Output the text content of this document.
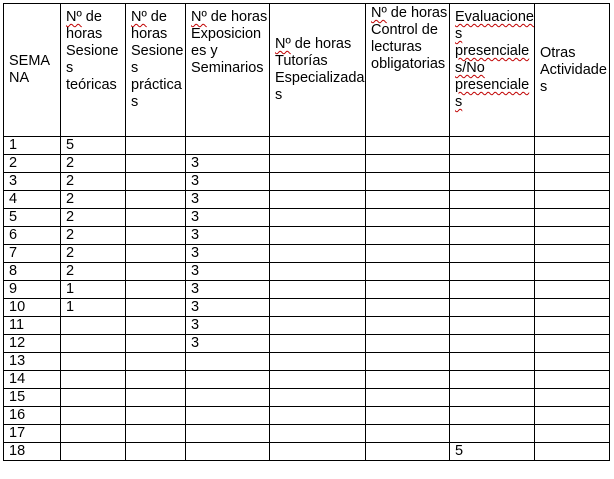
SEMANA	Nº de horas Sesiones teóricas	Nº de horas Sesiones prácticas	Nº de horas Exposiciones y Seminarios	Nº de horas Tutorías Especializadas	Nº de horas Control de lecturas obligatorias	Evaluaciones presenciales/No presenciales	Otras Actividades
1	5						
2	2		3				
3	2		3				
4	2		3				
5	2		3				
6	2		3				
7	2		3				
8	2		3				
9	1		3				
10	1		3				
11			3				
12			3				
13							
14							
15							
16							
17							
18						5	
